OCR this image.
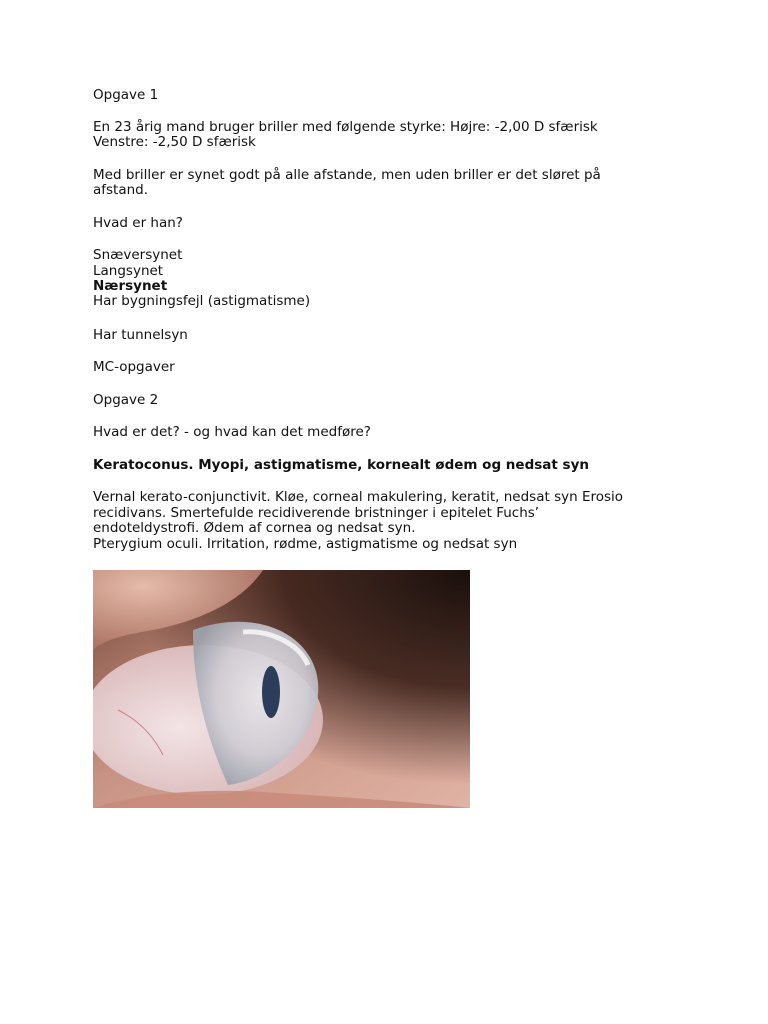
Opgave 1
En 23 årig mand bruger briller med følgende styrke: Højre: -2,00 D sfærisk
Venstre: -2,50 D sfærisk
Med briller er synet godt på alle afstande, men uden briller er det sløret på
afstand.
Hvad er han?
Snæversynet
Langsynet
Nærsynet
Har bygningsfejl (astigmatisme)
Har tunnelsyn
MC-opgaver
Opgave 2
Hvad er det? - og hvad kan det medføre?
Keratoconus. Myopi, astigmatisme, kornealt ødem og nedsat syn
Vernal kerato-conjunctivit. Kløe, corneal makulering, keratit, nedsat syn Erosio
recidivans. Smertefulde recidiverende bristninger i epitelet Fuchs’
endoteldystrofi. Ødem af cornea og nedsat syn.
Pterygium oculi. Irritation, rødme, astigmatisme og nedsat syn
